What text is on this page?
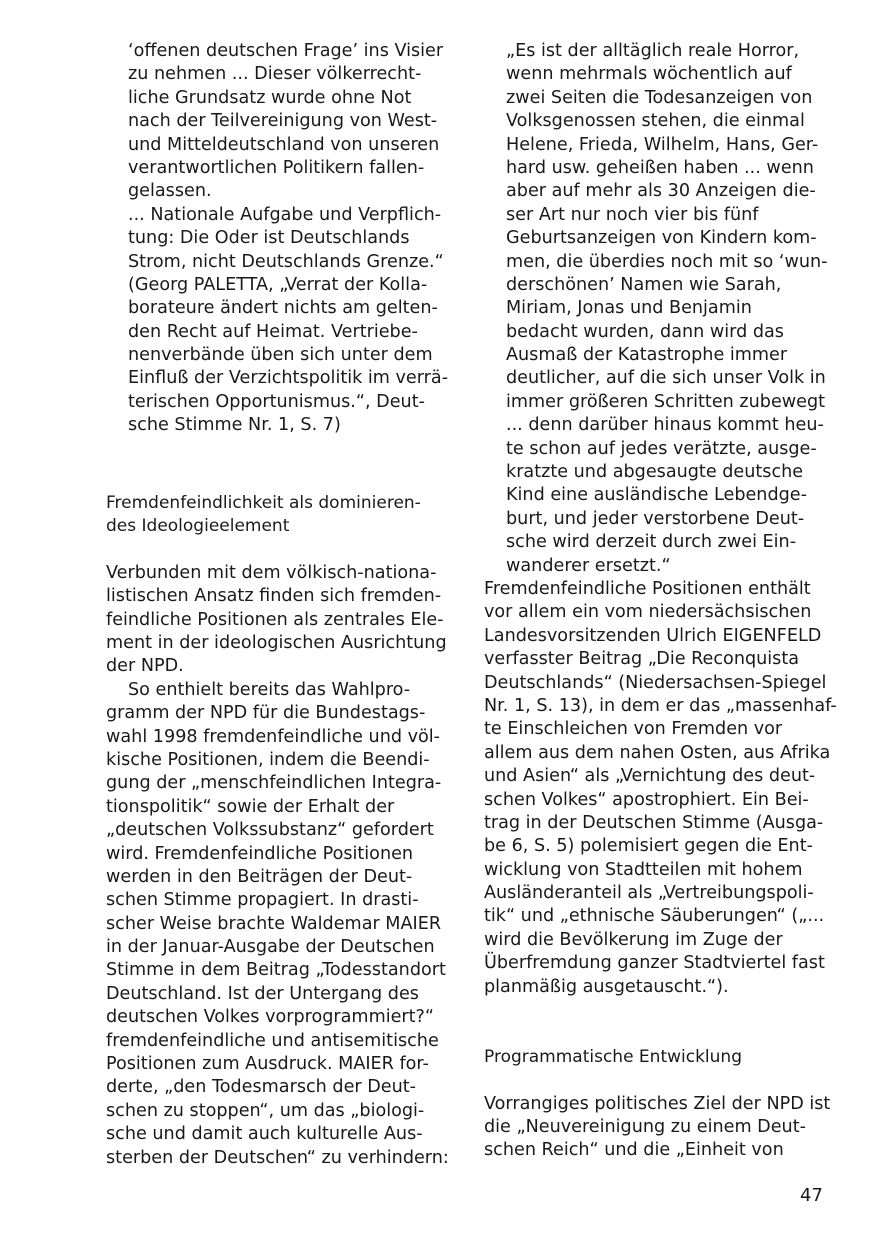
‘offenen deutschen Frage’ ins Visier
zu nehmen ... Dieser völkerrecht-
liche Grundsatz wurde ohne Not
nach der Teilvereinigung von West-
und Mitteldeutschland von unseren
verantwortlichen Politikern fallen-
gelassen.
... Nationale Aufgabe und Verpflich-
tung: Die Oder ist Deutschlands
Strom, nicht Deutschlands Grenze.“
(Georg PALETTA, „Verrat der Kolla-
borateure ändert nichts am gelten-
den Recht auf Heimat. Vertriebe-
nenverbände üben sich unter dem
Einfluß der Verzichtspolitik im verrä-
terischen Opportunismus.“, Deut-
sche Stimme Nr. 1, S. 7)
Fremdenfeindlichkeit als dominieren-
des Ideologieelement
Verbunden mit dem völkisch-nationa-
listischen Ansatz finden sich fremden-
feindliche Positionen als zentrales Ele-
ment in der ideologischen Ausrichtung
der NPD.
So enthielt bereits das Wahlpro-
gramm der NPD für die Bundestags-
wahl 1998 fremdenfeindliche und völ-
kische Positionen, indem die Beendi-
gung der „menschfeindlichen Integra-
tionspolitik“ sowie der Erhalt der
„deutschen Volkssubstanz“ gefordert
wird. Fremdenfeindliche Positionen
werden in den Beiträgen der Deut-
schen Stimme propagiert. In drasti-
scher Weise brachte Waldemar MAIER
in der Januar-Ausgabe der Deutschen
Stimme in dem Beitrag „Todesstandort
Deutschland. Ist der Untergang des
deutschen Volkes vorprogrammiert?“
fremdenfeindliche und antisemitische
Positionen zum Ausdruck. MAIER for-
derte, „den Todesmarsch der Deut-
schen zu stoppen“, um das „biologi-
sche und damit auch kulturelle Aus-
sterben der Deutschen“ zu verhindern:
„Es ist der alltäglich reale Horror,
wenn mehrmals wöchentlich auf
zwei Seiten die Todesanzeigen von
Volksgenossen stehen, die einmal
Helene, Frieda, Wilhelm, Hans, Ger-
hard usw. geheißen haben ... wenn
aber auf mehr als 30 Anzeigen die-
ser Art nur noch vier bis fünf
Geburtsanzeigen von Kindern kom-
men, die überdies noch mit so ‘wun-
derschönen’ Namen wie Sarah,
Miriam, Jonas und Benjamin
bedacht wurden, dann wird das
Ausmaß der Katastrophe immer
deutlicher, auf die sich unser Volk in
immer größeren Schritten zubewegt
... denn darüber hinaus kommt heu-
te schon auf jedes verätzte, ausge-
kratzte und abgesaugte deutsche
Kind eine ausländische Lebendge-
burt, und jeder verstorbene Deut-
sche wird derzeit durch zwei Ein-
wanderer ersetzt.“
Fremdenfeindliche Positionen enthält
vor allem ein vom niedersächsischen
Landesvorsitzenden Ulrich EIGENFELD
verfasster Beitrag „Die Reconquista
Deutschlands“ (Niedersachsen-Spiegel
Nr. 1, S. 13), in dem er das „massenhaf-
te Einschleichen von Fremden vor
allem aus dem nahen Osten, aus Afrika
und Asien“ als „Vernichtung des deut-
schen Volkes“ apostrophiert. Ein Bei-
trag in der Deutschen Stimme (Ausga-
be 6, S. 5) polemisiert gegen die Ent-
wicklung von Stadtteilen mit hohem
Ausländeranteil als „Vertreibungspoli-
tik“ und „ethnische Säuberungen“ („...
wird die Bevölkerung im Zuge der
Überfremdung ganzer Stadtviertel fast
planmäßig ausgetauscht.“).
Programmatische Entwicklung
Vorrangiges politisches Ziel der NPD ist
die „Neuvereinigung zu einem Deut-
schen Reich“ und die „Einheit von
47
